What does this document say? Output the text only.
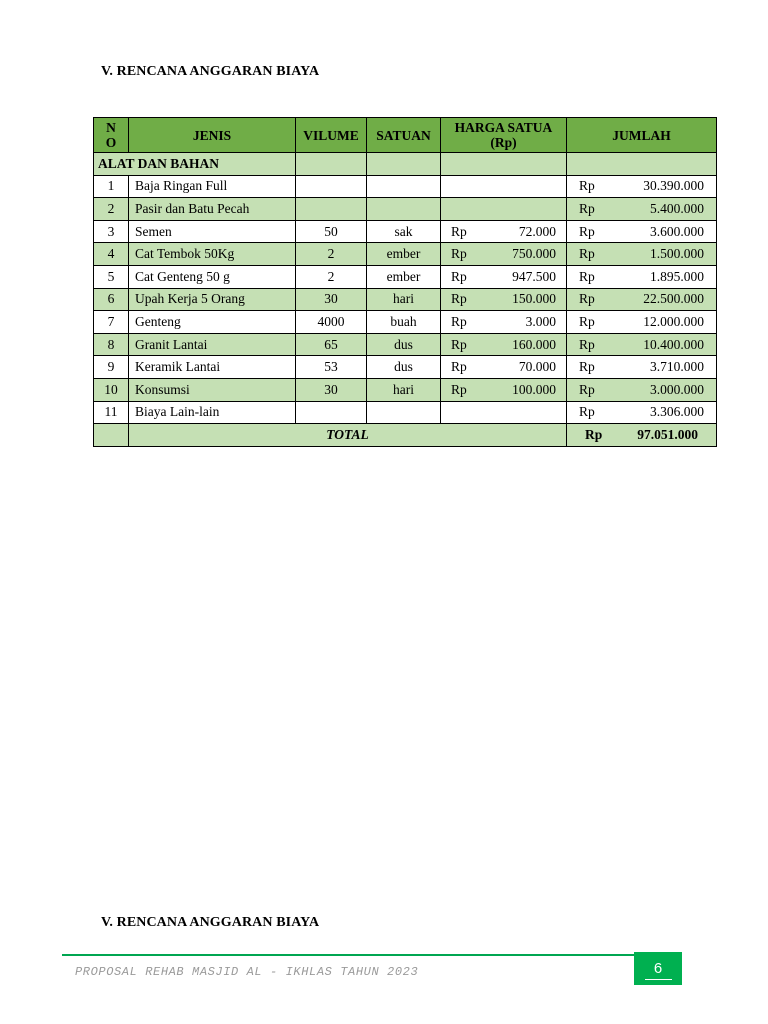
V. RENCANA ANGGARAN BIAYA
N O	JENIS	VILUME	SATUAN	HARGA SATUA (Rp)	JUMLAH
ALAT DAN BAHAN					
1	Baja Ringan Full				Rp 30.390.000

2	Pasir dan Batu Pecah				Rp 5.400.000

3	Semen	50	sak	Rp 72.000	Rp 3.600.000

4	Cat Tembok 50Kg	2	ember	Rp 750.000	Rp 1.500.000

5	Cat Genteng 50 g	2	ember	Rp 947.500	Rp 1.895.000

6	Upah Kerja 5 Orang	30	hari	Rp 150.000	Rp 22.500.000

7	Genteng	4000	buah	Rp 3.000	Rp 12.000.000

8	Granit Lantai	65	dus	Rp 160.000	Rp 10.400.000

9	Keramik Lantai	53	dus	Rp 70.000	Rp 3.710.000

10	Konsumsi	30	hari	Rp 100.000	Rp 3.000.000

11	Biaya Lain-lain				Rp 3.306.000

	TOTAL				Rp 97.051.000
V. RENCANA ANGGARAN BIAYA
PROPOSAL REHAB MASJID AL - IKHLAS TAHUN 2023	6
